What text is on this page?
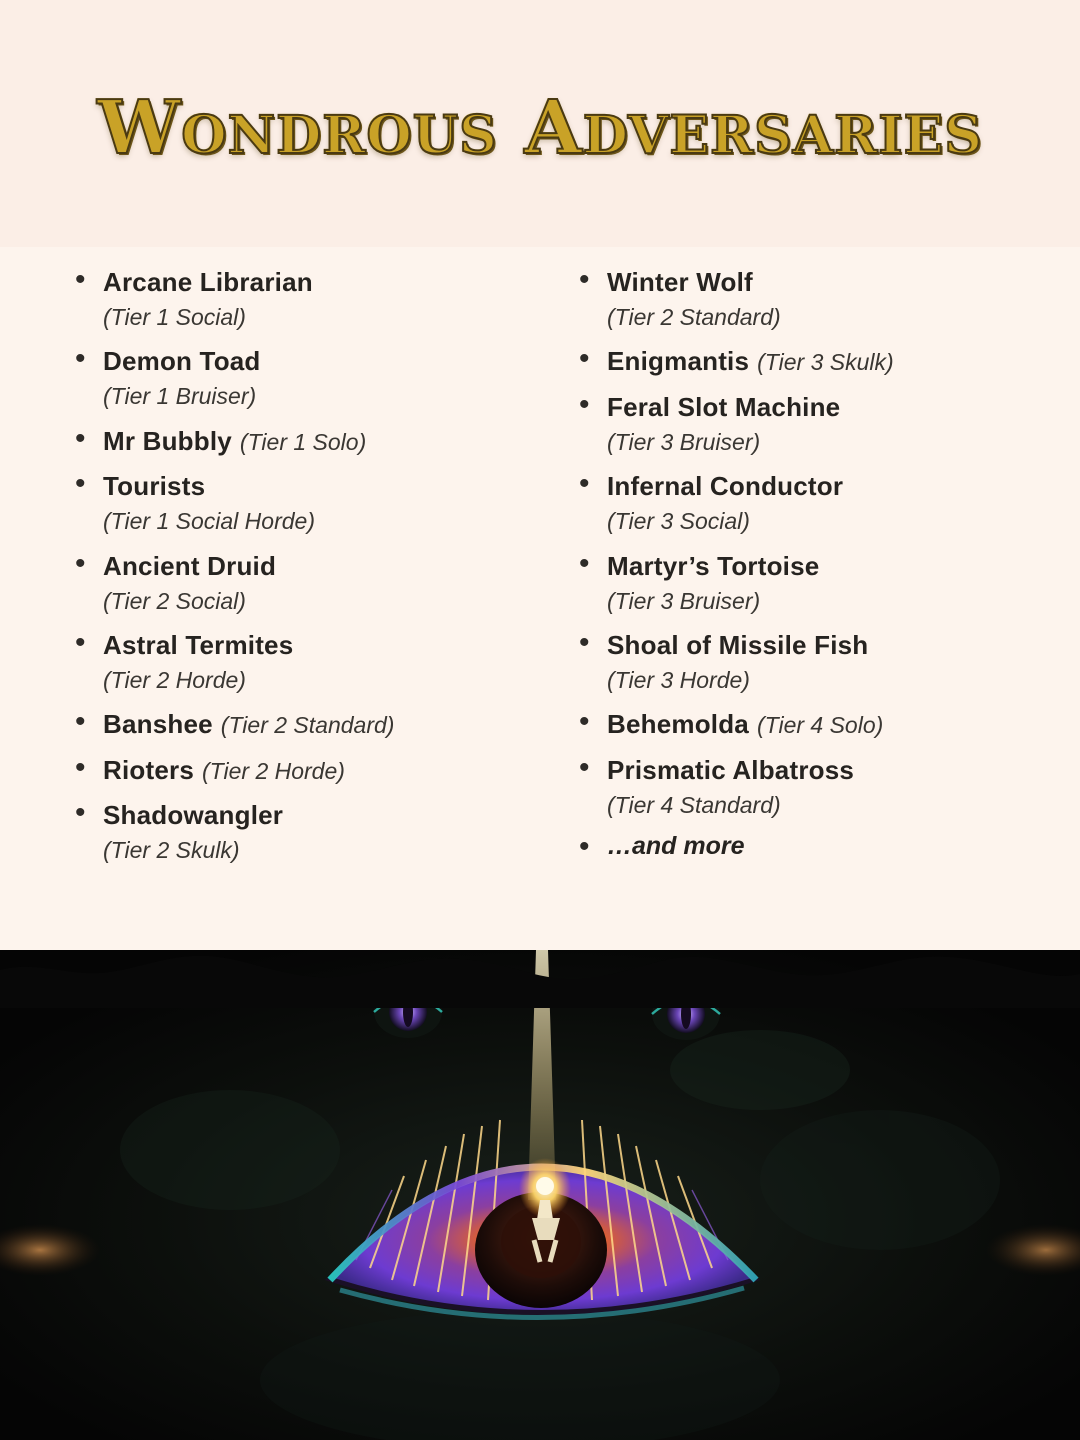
Wondrous Adversaries
• Arcane Librarian
(Tier 1 Social)
• Demon Toad
(Tier 1 Bruiser)
• Mr Bubbly (Tier 1 Solo)
• Tourists
(Tier 1 Social Horde)
• Ancient Druid
(Tier 2 Social)
• Astral Termites
(Tier 2 Horde)
• Banshee (Tier 2 Standard)
• Rioters (Tier 2 Horde)
• Shadowangler
(Tier 2 Skulk)
• Winter Wolf
(Tier 2 Standard)
• Enigmantis (Tier 3 Skulk)
• Feral Slot Machine
(Tier 3 Bruiser)
• Infernal Conductor
(Tier 3 Social)
• Martyr’s Tortoise
(Tier 3 Bruiser)
• Shoal of Missile Fish
(Tier 3 Horde)
• Behemolda (Tier 4 Solo)
• Prismatic Albatross
(Tier 4 Standard)
• …and more
